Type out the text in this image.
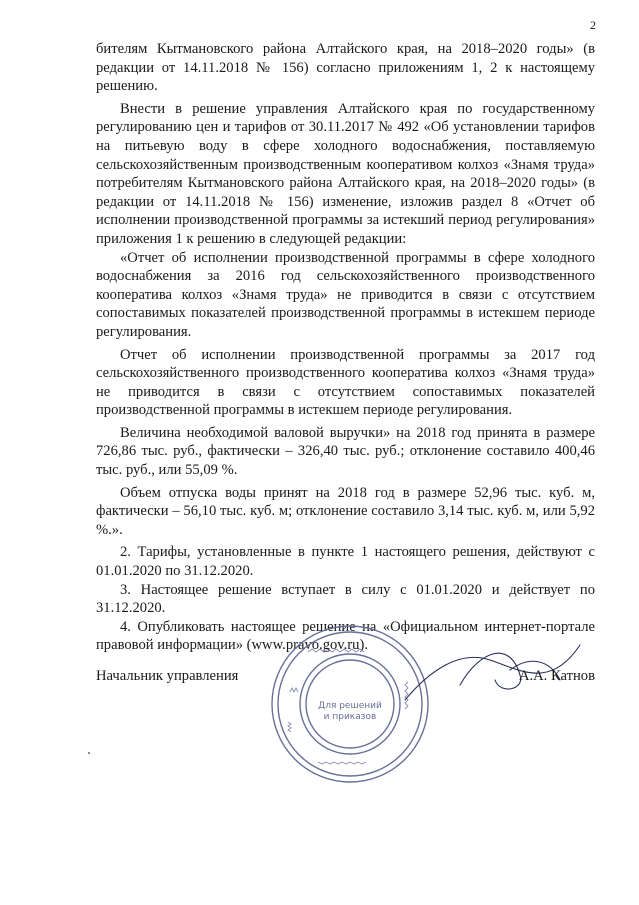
2

бителям Кытмановского района Алтайского края, на 2018–2020 годы» (в редакции от 14.11.2018 № 156) согласно приложениям 1, 2 к настоящему решению.

Внести в решение управления Алтайского края по государственному регулированию цен и тарифов от 30.11.2017 № 492 «Об установлении тарифов на питьевую воду в сфере холодного водоснабжения, поставляемую сельскохозяйственным производственным кооперативом колхоз «Знамя труда» потребителям Кытмановского района Алтайского края, на 2018–2020 годы» (в редакции от 14.11.2018 № 156) изменение, изложив раздел 8 «Отчет об исполнении производственной программы за истекший период регулирования» приложения 1 к решению в следующей редакции:

«Отчет об исполнении производственной программы в сфере холодного водоснабжения за 2016 год сельскохозяйственного производственного кооператива колхоз «Знамя труда» не приводится в связи с отсутствием сопоставимых показателей производственной программы в истекшем периоде регулирования.

Отчет об исполнении производственной программы за 2017 год сельскохозяйственного производственного кооператива колхоз «Знамя труда» не приводится в связи с отсутствием сопоставимых показателей производственной программы в истекшем периоде регулирования.

Величина необходимой валовой выручки» на 2018 год принята в размере 726,86 тыс. руб., фактически – 326,40 тыс. руб.; отклонение составило 400,46 тыс. руб., или 55,09 %.

Объем отпуска воды принят на 2018 год в размере 52,96 тыс. куб. м, фактически – 56,10 тыс. куб. м; отклонение составило 3,14 тыс. куб. м, или 5,92 %.».

2. Тарифы, установленные в пункте 1 настоящего решения, действуют с 01.01.2020 по 31.12.2020.

3. Настоящее решение вступает в силу с 01.01.2020 и действует по 31.12.2020.

4. Опубликовать настоящее решение на «Официальном интернет-портале правовой информации» (www.pravo.gov.ru).

Для решений
и приказов
Начальник управления	А.А. Катнов
